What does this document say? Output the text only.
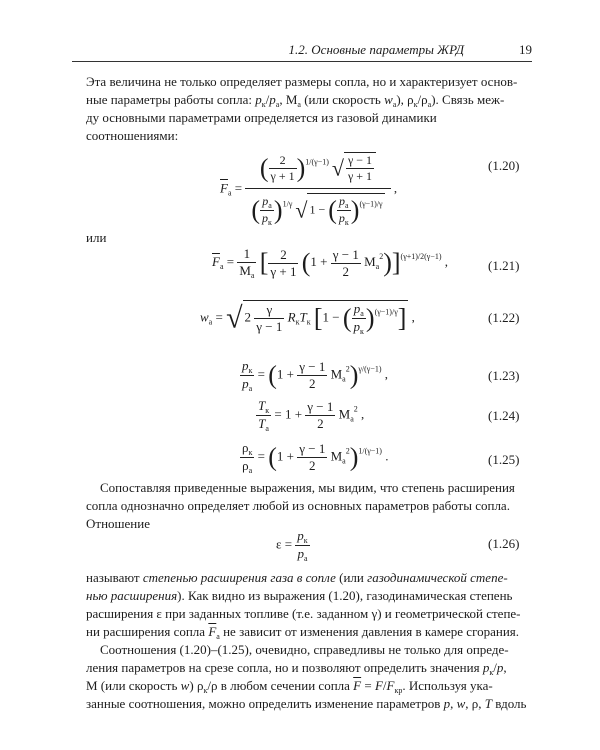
1.2. Основные параметры ЖРД	19
Эта величина не только определяет размеры сопла, но и характеризует основ-
ные параметры работы сопла: $p_к/p_а$, $M_а$ (или скорость $w_а$), $\rho_к/\rho_а$). Связь меж-
ду основными параметрами определяется из газовой динамики
соотношениями:
$\overline{F}_а = \frac{( \frac{2}{\gamma + 1} )^{1/(\gamma-1)} √ \frac{\gamma - 1}{\gamma + 1}}{( \frac{p_а}{p_к} )^{1/\gamma} √ 1 - ( \frac{p_а}{p_к} )^{(\gamma-1)/\gamma}}$ ,
(1.20)
или
$\overline{F}_а = \frac{1}{M_а}$ [ $\frac{2}{\gamma + 1} (1 + \frac{\gamma - 1}{2} M_а^2)]^{(\gamma+1)/2(\gamma-1)}$ ,	(1.21)
$w_а$ = √ $2 \frac{\gamma}{\gamma - 1} R_кT_к$ [1 − ( $\frac{p_а}{p_к} )^{(\gamma-1)/\gamma}$] ,	(1.22)
$\frac{p_к}{p_а} = (1 + \frac{\gamma - 1}{2} M_а^2)^{\gamma/(\gamma-1)}$ ,	(1.23)
$\frac{T_к}{T_а} = 1 + \frac{\gamma - 1}{2} M_а^2$ ,	(1.24)
$\frac{\rho_к}{\rho_а} = (1 + \frac{\gamma - 1}{2} M_а^2)^{1/(\gamma-1)}$ .	(1.25)
Сопоставляя приведенные выражения, мы видим, что степень расширения
сопла однозначно определяет любой из основных параметров работы сопла.
Отношение
$\varepsilon = \frac{p_к}{p_а}$	(1.26)
называют степенью расширения газа в сопле (или газодинамической степе-
нью расширения). Как видно из выражения (1.20), газодинамическая степень
расширения ε при заданных топливе (т.е. заданном γ) и геометрической степе-
ни расширения сопла $\overline{F}_а$ не зависит от изменения давления в камере сгорания.
Соотношения (1.20)–(1.25), очевидно, справедливы не только для опреде-
ления параметров на срезе сопла, но и позволяют определить значения $p_к/p$,
M (или скорость w) $\rho_к/\rho$ в любом сечении сопла $\overline{F} = F/F_{кр}$. Используя ука-
занные соотношения, можно определить изменение параметров p, w, ρ, T вдоль
